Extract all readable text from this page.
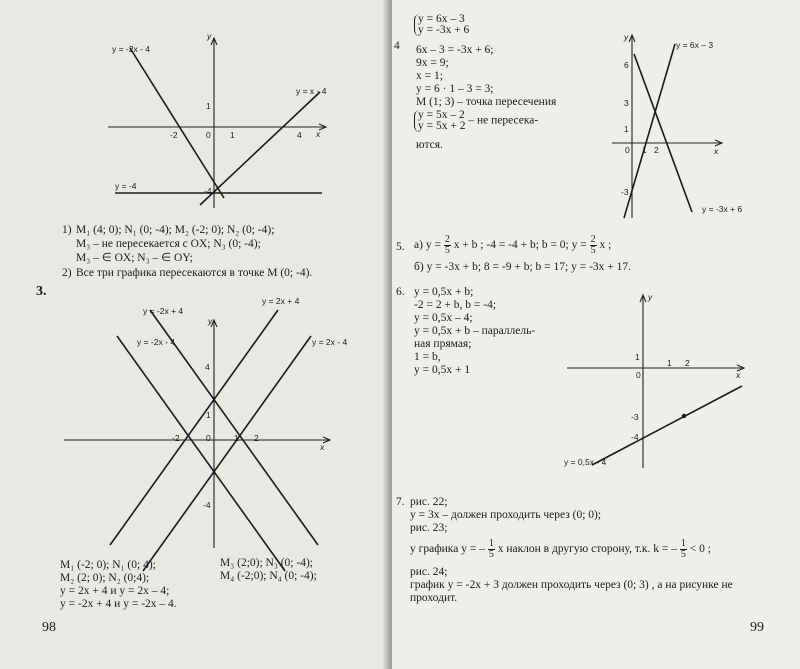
y = -2x - 4
y = x - 4
y = -4
x
y
-2	0 1	4
1
-4
1) M₁ (4; 0); N₁ (0; -4); M₂ (-2; 0); N₂ (0; -4);
M₃ – не пересекается с OX; N₃ (0; -4);
M₃ – ∈ OX; N₃ – ∈ OY;
2) Все три графика пересекаются в точке M (0; -4).
3.
y = -2x + 4
y = 2x + 4
y = -2x - 4	y = 2x - 4
x
y
4
1
-4
-2	0	1 2
M₁ (-2; 0); N₁ (0; 4);
M₂ (2; 0); N₂ (0;4);
M₃ (2;0); N₃ (0; -4);
M₄ (-2;0); N₄ (0; -4);
y = 2x + 4 и y = 2x – 4;
y = -2x + 4 и y = -2x – 4.
98
4
y = 6x – 3
y = -3x + 6
6x – 3 = -3x + 6;
9x = 9;
x = 1;
y = 6 · 1 – 3 = 3;
M (1; 3) – точка пересечения
y = 5x – 2
y = 5x + 2 – не пересека-
ются.
y = 6x – 3
y = -3x + 6
x
y
6
3
1
0 1 2
-3
5. а) $y = \frac{2}{5}$ x + b ; -4 = -4 + b; b = 0; $y = \frac{2}{5}$ x ;
б) y = -3x + b; 8 = -9 + b; b = 17; y = -3x + 17.
6. y = 0,5x + b;
-2 = 2 + b, b = -4;
y = 0,5x – 4;
y = 0,5x + b – параллель-
ная прямая;
1 = b,
y = 0,5x + 1
y = 0,5x - 4
x
y
1
0
1 2
-3
-4
7. рис. 22;
y = 3x – должен проходить через (0; 0);
рис. 23;
у графика y = – $\frac{1}{5}$ x наклон в другую сторону, т.к. k = – $\frac{1}{5} < 0$ ;
рис. 24;
график y = -2x + 3 должен проходить через (0; 3) , а на рисунке не
проходит.
99
